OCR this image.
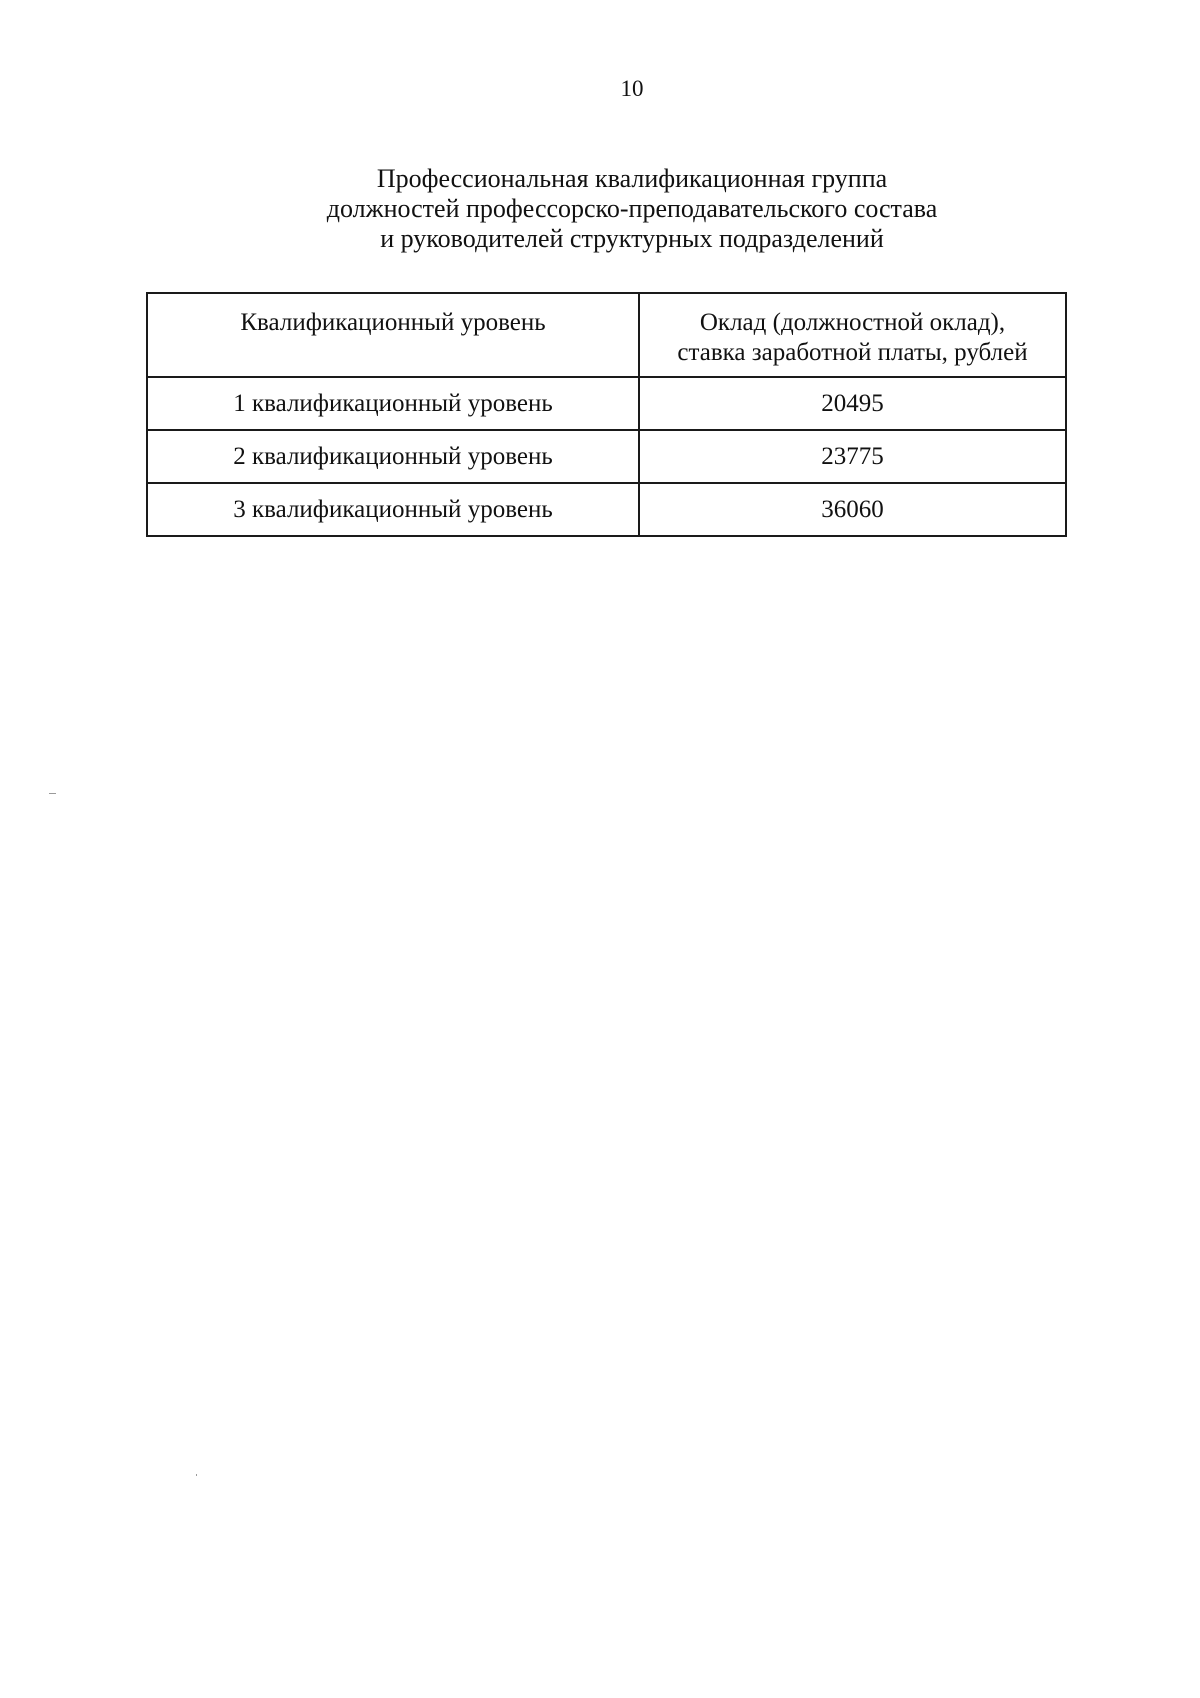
10
Профессиональная квалификационная группа
должностей профессорско-преподавательского состава
и руководителей структурных подразделений
Квалификационный уровень	Оклад (должностной оклад),
ставка заработной платы, рублей

1 квалификационный уровень	20495
2 квалификационный уровень	23775
3 квалификационный уровень	36060
